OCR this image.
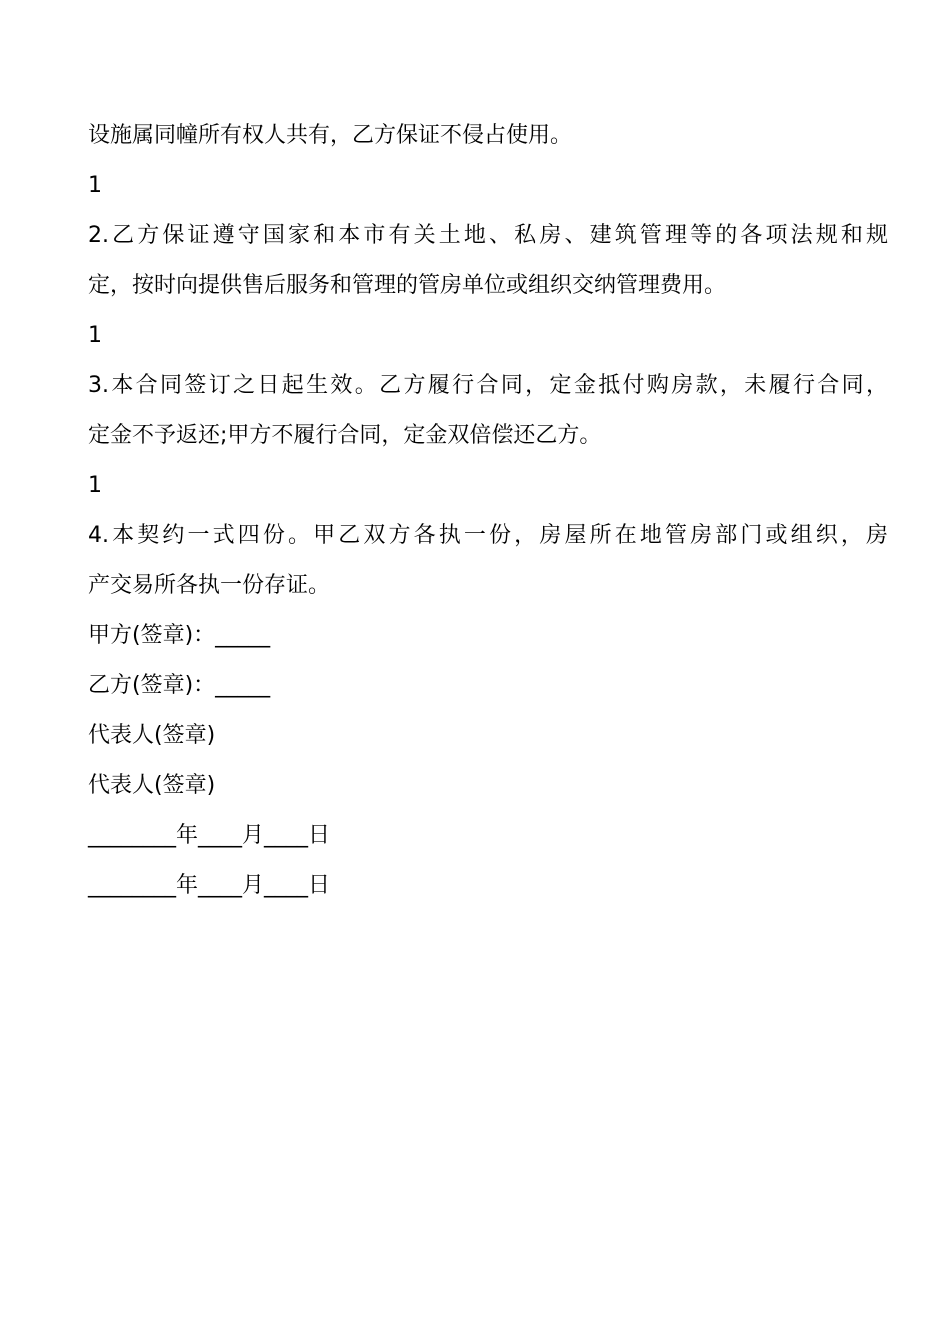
设施属同幢所有权人共有，乙方保证不侵占使用。

1

2.乙方保证遵守国家和本市有关土地、私房、建筑管理等的各项法规和规

定，按时向提供售后服务和管理的管房单位或组织交纳管理费用。

1

3.本合同签订之日起生效。乙方履行合同，定金抵付购房款，未履行合同，

定金不予返还;甲方不履行合同，定金双倍偿还乙方。

1

4.本契约一式四份。甲乙双方各执一份，房屋所在地管房部门或组织，房

产交易所各执一份存证。

甲方(签章)：_____

乙方(签章)：_____

代表人(签章)

代表人(签章)

________年____月____日

________年____月____日
